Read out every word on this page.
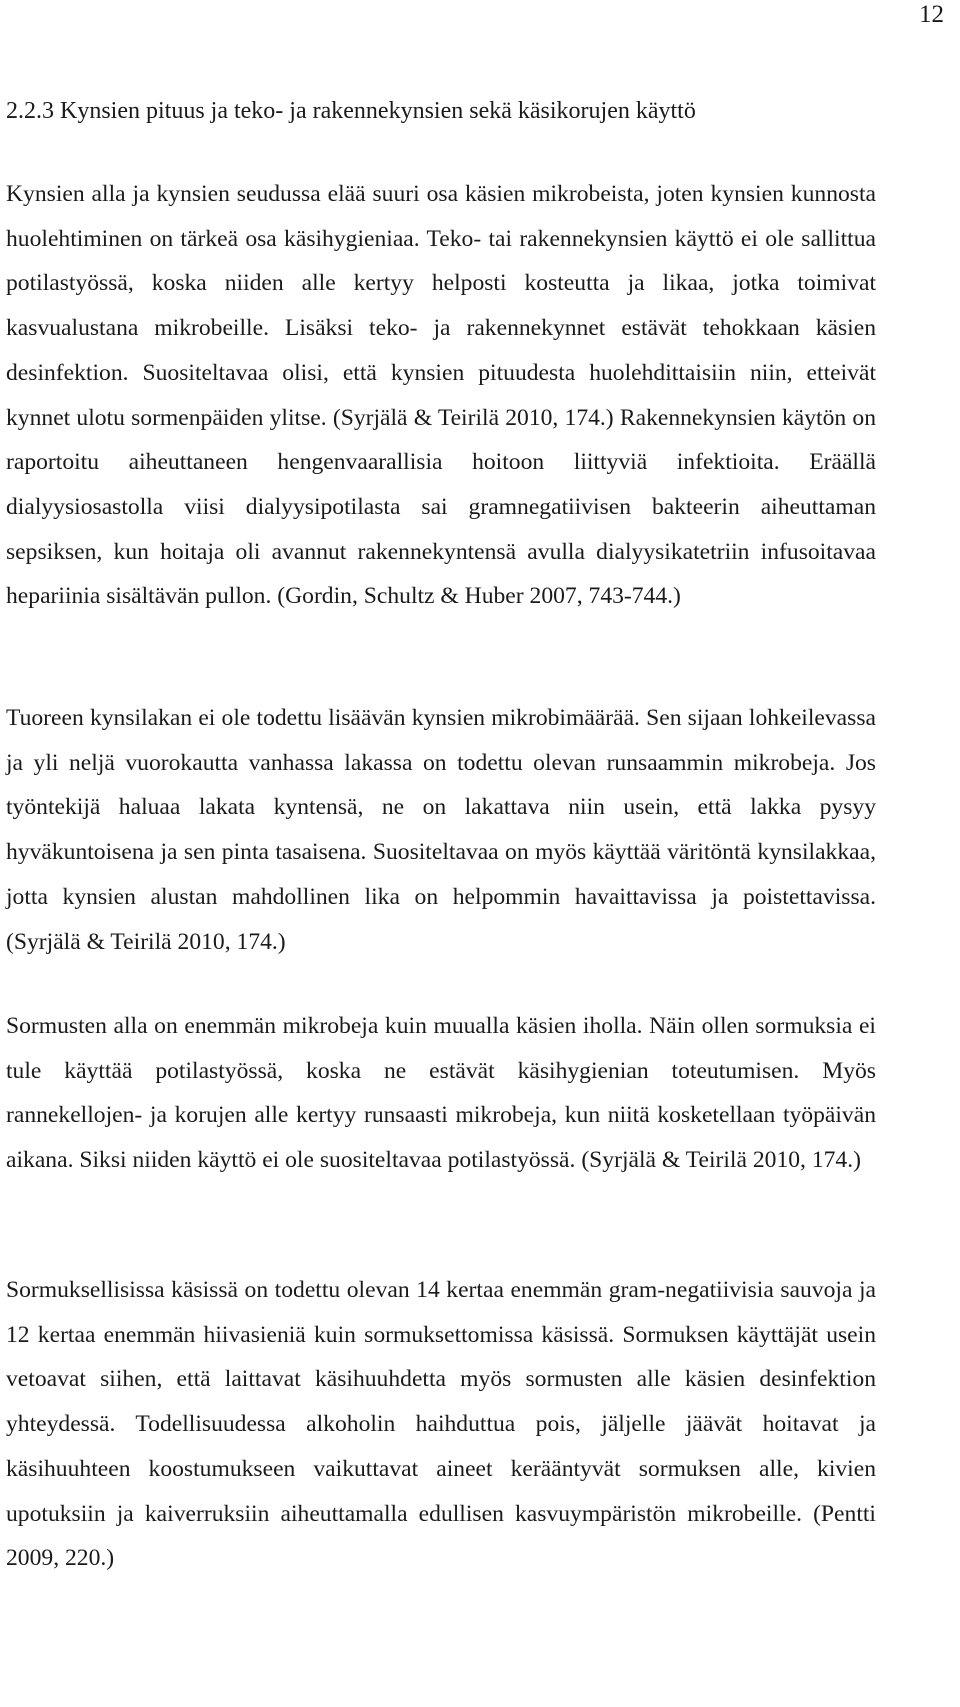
12
2.2.3 Kynsien pituus ja teko- ja rakennekynsien sekä käsikorujen käyttö

Kynsien alla ja kynsien seudussa elää suuri osa käsien mikrobeista, joten kynsien kunnosta huolehtiminen on tärkeä osa käsihygieniaa. Teko- tai rakennekynsien käyttö ei ole sallittua potilastyössä, koska niiden alle kertyy helposti kosteutta ja likaa, jotka toimivat kasvualustana mikrobeille. Lisäksi teko- ja rakennekynnet estävät tehokkaan käsien desinfektion. Suositeltavaa olisi, että kynsien pituudesta huolehdittaisiin niin, etteivät kynnet ulotu sormenpäiden ylitse. (Syrjälä & Teirilä 2010, 174.) Rakennekynsien käytön on raportoitu aiheuttaneen hengenvaarallisia hoitoon liittyviä infektioita. Eräällä dialyysiosastolla viisi dialyysipotilasta sai gramnegatiivisen bakteerin aiheuttaman sepsiksen, kun hoitaja oli avannut rakennekyntensä avulla dialyysikatetriin infusoitavaa hepariinia sisältävän pullon. (Gordin, Schultz & Huber 2007, 743-744.)

Tuoreen kynsilakan ei ole todettu lisäävän kynsien mikrobimäärää. Sen sijaan lohkeilevassa ja yli neljä vuorokautta vanhassa lakassa on todettu olevan runsaammin mikrobeja. Jos työntekijä haluaa lakata kyntensä, ne on lakattava niin usein, että lakka pysyy hyväkuntoisena ja sen pinta tasaisena. Suositeltavaa on myös käyttää väritöntä kynsilakkaa, jotta kynsien alustan mahdollinen lika on helpommin havaittavissa ja poistettavissa. (Syrjälä & Teirilä 2010, 174.)

Sormusten alla on enemmän mikrobeja kuin muualla käsien iholla. Näin ollen sormuksia ei tule käyttää potilastyössä, koska ne estävät käsihygienian toteutumisen. Myös rannekellojen- ja korujen alle kertyy runsaasti mikrobeja, kun niitä kosketellaan työpäivän aikana. Siksi niiden käyttö ei ole suositeltavaa potilastyössä. (Syrjälä & Teirilä 2010, 174.)

Sormuksellisissa käsissä on todettu olevan 14 kertaa enemmän gram-negatiivisia sauvoja ja 12 kertaa enemmän hiivasieniä kuin sormuksettomissa käsissä. Sormuksen käyttäjät usein vetoavat siihen, että laittavat käsihuuhdetta myös sormusten alle käsien desinfektion yhteydessä. Todellisuudessa alkoholin haihduttua pois, jäljelle jäävät hoitavat ja käsihuuhteen koostumukseen vaikuttavat aineet kerääntyvät sormuksen alle, kivien upotuksiin ja kaiverruksiin aiheuttamalla edullisen kasvuympäristön mikrobeille. (Pentti 2009, 220.)
